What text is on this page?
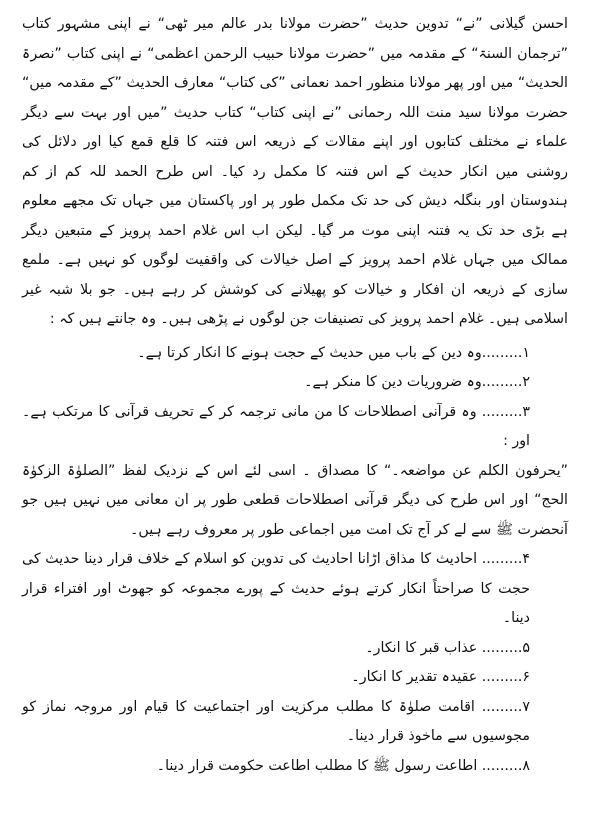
احسن گیلانی ”نے“ تدوین حدیث ”حضرت مولانا بدر عالم میر ٹھی“ نے اپنی مشہور کتاب ”ترجمان السنۃ“ کے مقدمہ میں ”حضرت مولانا حبیب الرحمن اعظمی“ نے اپنی کتاب ”نصرۃ الحدیث“ میں اور پھر مولانا منظور احمد نعمانی ”کی کتاب“ معارف الحدیث ”کے مقدمہ میں“ حضرت مولانا سید منت اللہ رحمانی ”نے اپنی کتاب“ کتاب حدیث ”میں اور بہت سے دیگر علماء نے مختلف کتابوں اور اپنے مقالات کے ذریعہ اس فتنہ کا قلع قمع کیا اور دلائل کی روشنی میں انکار حدیث کے اس فتنہ کا مکمل رد کیا۔ اس طرح الحمد للہ کم از کم ہندوستان اور بنگلہ دیش کی حد تک مکمل طور پر اور پاکستان میں جہاں تک مجھے معلوم ہے بڑی حد تک یہ فتنہ اپنی موت مر گیا۔ لیکن اب اس غلام احمد پرویز کے متبعین دیگر ممالک میں جہاں غلام احمد پرویز کے اصل خیالات کی واقفیت لوگوں کو نہیں ہے۔ ملمع سازی کے ذریعہ ان افکار و خیالات کو پھیلانے کی کوشش کر رہے ہیں۔ جو بلا شبہ غیر اسلامی ہیں۔ غلام احمد پرویز کی تصنیفات جن لوگوں نے پڑھی ہیں۔ وہ جانتے ہیں کہ :

۱.........وہ دین کے باب میں حدیث کے حجت ہونے کا انکار کرتا ہے۔

۲.........وہ ضروریات دین کا منکر ہے۔

۳......... وہ قرآنی اصطلاحات کا من مانی ترجمہ کر کے تحریف قرآنی کا مرتکب ہے۔ اور :

”یحرفون الکلم عن مواضعہ۔“ کا مصداق ۔ اسی لئے اس کے نزدیک لفظ ”الصلوٰۃ الزکوٰۃ الحج“ اور اس طرح کی دیگر قرآنی اصطلاحات قطعی طور پر ان معانی میں نہیں ہیں جو آنحضرت ﷺ سے لے کر آج تک امت میں اجماعی طور پر معروف رہے ہیں۔

۴......... احادیث کا مذاق اڑانا احادیث کی تدوین کو اسلام کے خلاف قرار دینا حدیث کی حجت کا صراحتاً انکار کرتے ہوئے حدیث کے پورے مجموعہ کو جھوٹ اور افتراء قرار دینا۔

۵......... عذاب قبر کا انکار۔

۶......... عقیدہ تقدیر کا انکار۔

۷......... اقامت صلوٰۃ کا مطلب مرکزیت اور اجتماعیت کا قیام اور مروجہ نماز کو مجوسیوں سے ماخوذ قرار دینا۔

۸......... اطاعت رسول ﷺ کا مطلب اطاعت حکومت قرار دینا۔
